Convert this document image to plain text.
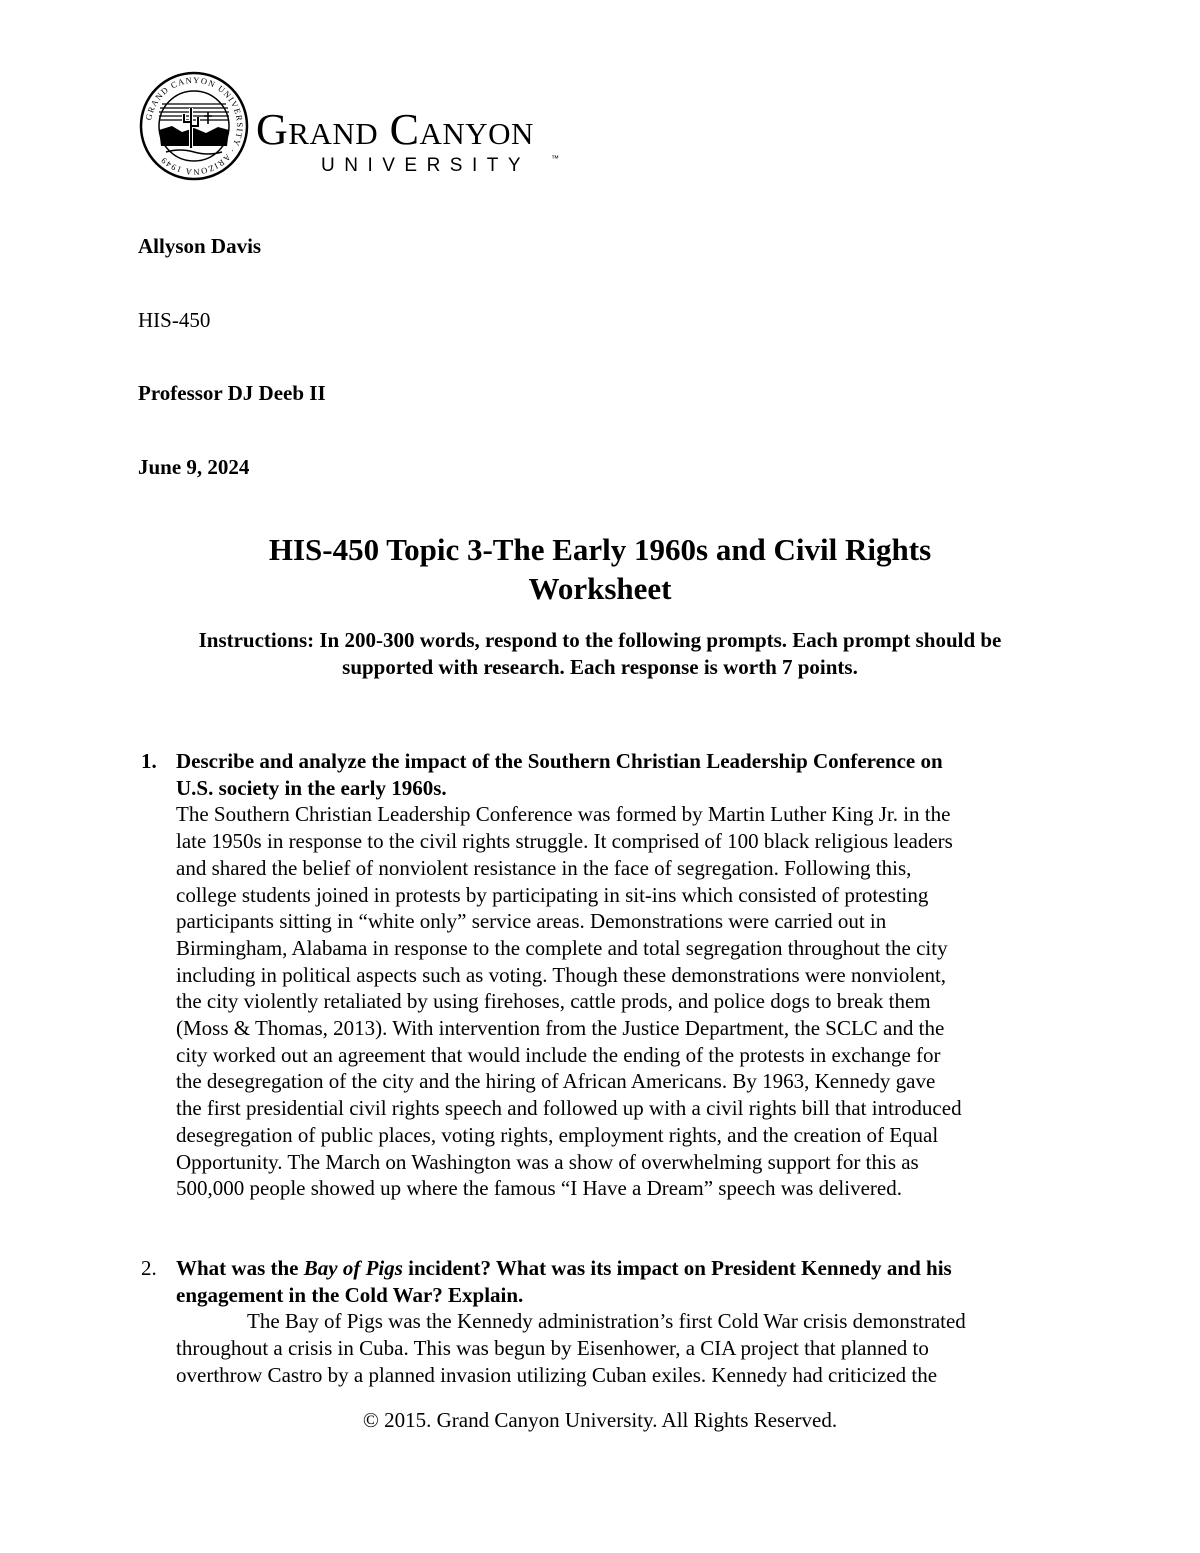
GRAND CANYON UNIVERSITY · ARIZONA 1949
Grand Canyon
UNIVERSITY	™
Allyson Davis
HIS-450
Professor DJ Deeb II
June 9, 2024
HIS-450 Topic 3-The Early 1960s and Civil Rights
Worksheet
Instructions: In 200-300 words, respond to the following prompts. Each prompt should be
supported with research. Each response is worth 7 points.
1. Describe and analyze the impact of the Southern Christian Leadership Conference on
U.S. society in the early 1960s.
The Southern Christian Leadership Conference was formed by Martin Luther King Jr. in the
late 1950s in response to the civil rights struggle. It comprised of 100 black religious leaders
and shared the belief of nonviolent resistance in the face of segregation. Following this,
college students joined in protests by participating in sit-ins which consisted of protesting
participants sitting in “white only” service areas. Demonstrations were carried out in
Birmingham, Alabama in response to the complete and total segregation throughout the city
including in political aspects such as voting. Though these demonstrations were nonviolent,
the city violently retaliated by using firehoses, cattle prods, and police dogs to break them
(Moss & Thomas, 2013). With intervention from the Justice Department, the SCLC and the
city worked out an agreement that would include the ending of the protests in exchange for
the desegregation of the city and the hiring of African Americans. By 1963, Kennedy gave
the first presidential civil rights speech and followed up with a civil rights bill that introduced
desegregation of public places, voting rights, employment rights, and the creation of Equal
Opportunity. The March on Washington was a show of overwhelming support for this as
500,000 people showed up where the famous “I Have a Dream” speech was delivered.
2. What was the Bay of Pigs incident? What was its impact on President Kennedy and his
engagement in the Cold War? Explain.
The Bay of Pigs was the Kennedy administration’s first Cold War crisis demonstrated
throughout a crisis in Cuba. This was begun by Eisenhower, a CIA project that planned to
overthrow Castro by a planned invasion utilizing Cuban exiles. Kennedy had criticized the
© 2015. Grand Canyon University. All Rights Reserved.
